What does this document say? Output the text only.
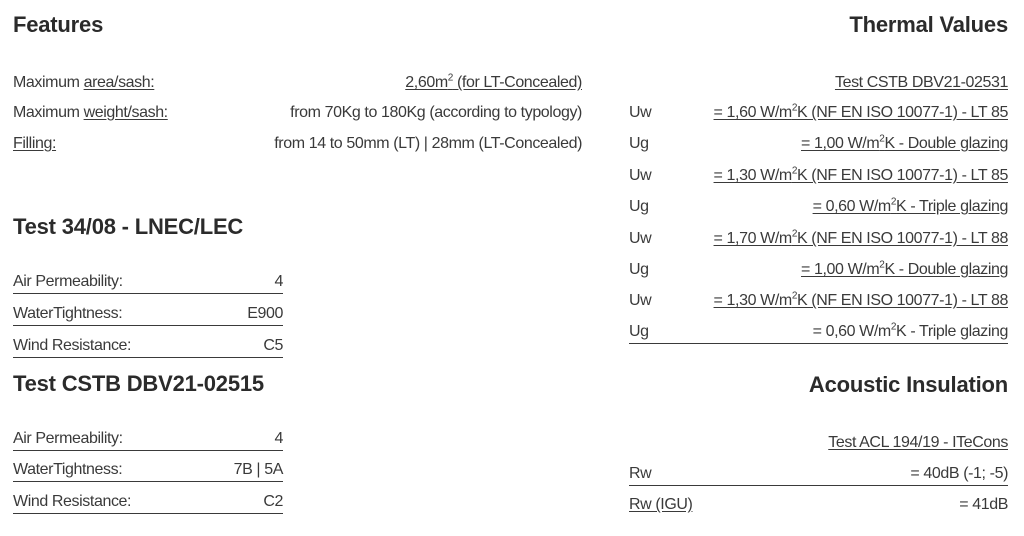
Features
Maximum area/sash:	$2,60m^2$ (for LT-Concealed)
Maximum weight/sash:	from 70Kg to 180Kg (according to typology)
Filling:	from 14 to 50mm (LT) | 28mm (LT-Concealed)
Test 34/08 - LNEC/LEC
Air Permeability:	4
WaterTightness:	E900
Wind Resistance:	C5
Test CSTB DBV21-02515
Air Permeability:	4
WaterTightness:	7B | 5A
Wind Resistance:	C2
Thermal Values
Test CSTB DBV21-02531
Uw	= 1,60 $W/m^2K$ (NF EN ISO 10077-1) - LT 85
Ug	= 1,00 $W/m^2K$ - Double glazing
Uw	= 1,30 $W/m^2K$ (NF EN ISO 10077-1) - LT 85
Ug	= 0,60 $W/m^2K$ - Triple glazing
Uw	= 1,70 $W/m^2K$ (NF EN ISO 10077-1) - LT 88
Ug	= 1,00 $W/m^2K$ - Double glazing
Uw	= 1,30 $W/m^2K$ (NF EN ISO 10077-1) - LT 88
Ug	= 0,60 $W/m^2K$ - Triple glazing
Acoustic Insulation
Test ACL 194/19 - ITeCons
Rw	= 40dB (-1; -5)
Rw (IGU)	= 41dB
